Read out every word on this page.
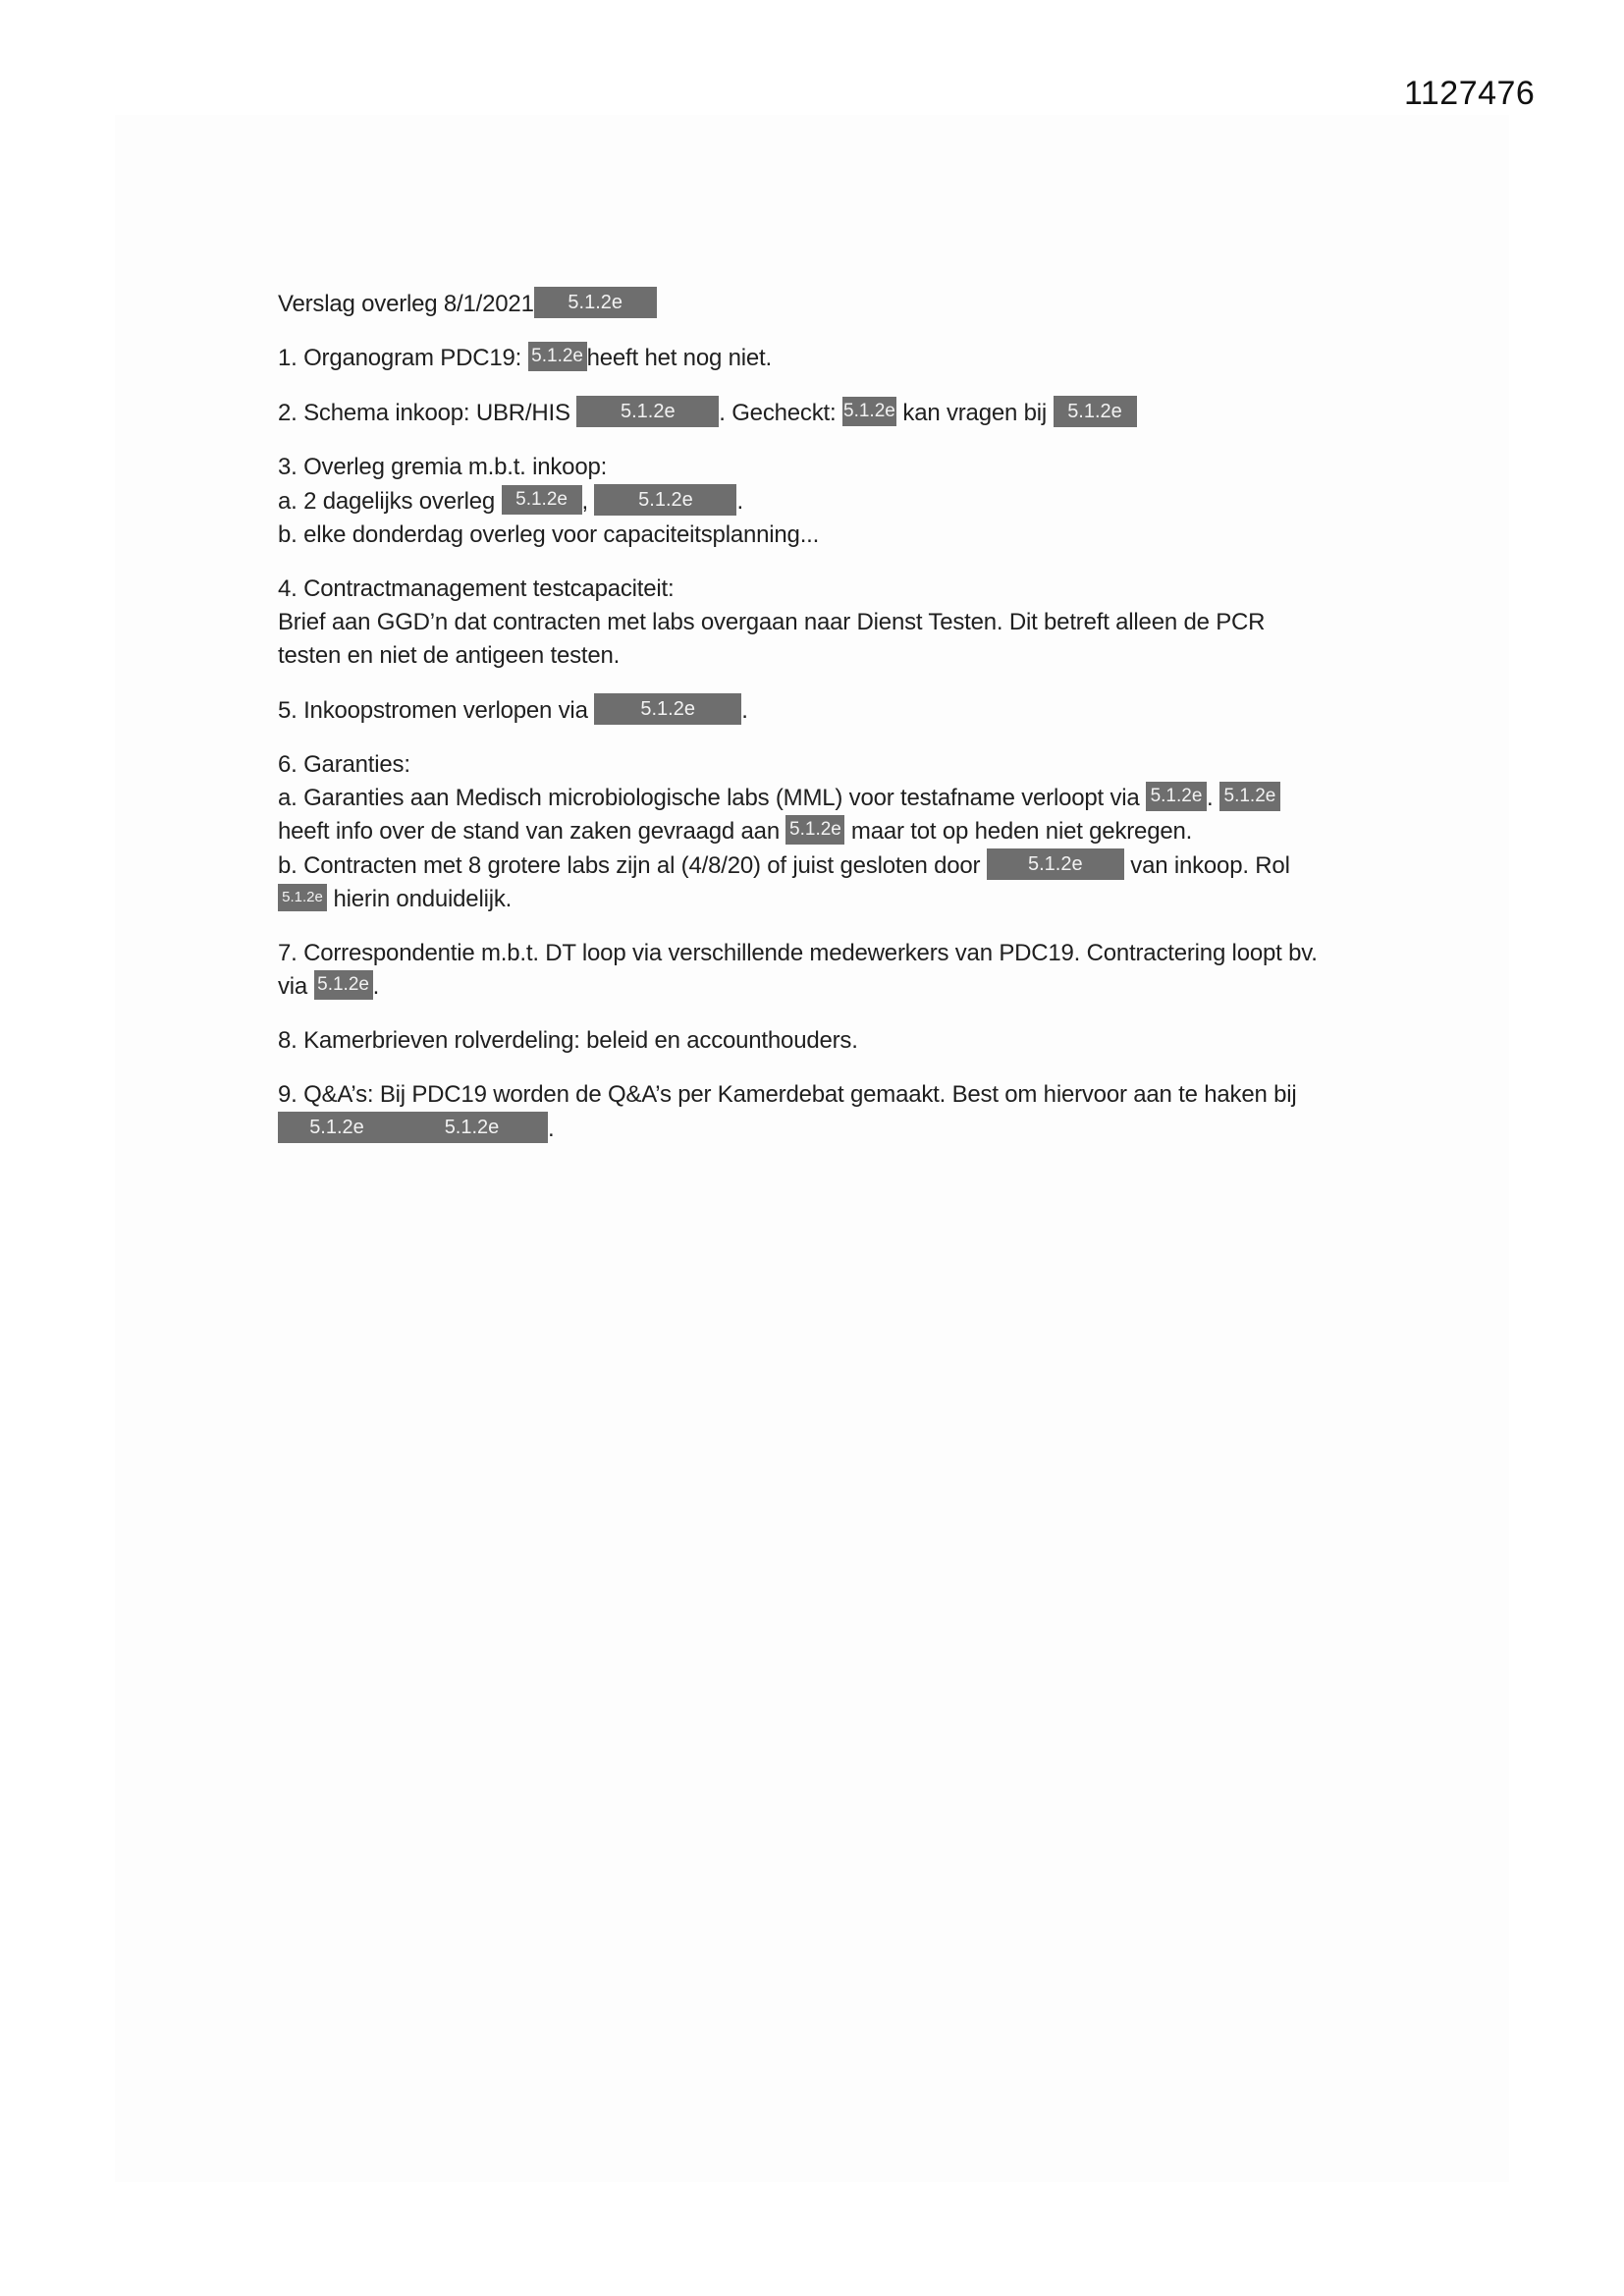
1127476
Verslag overleg 8/1/2021 5.1.2e
1. Organogram PDC19: 5.1.2e heeft het nog niet.
2. Schema inkoop: UBR/HIS 5.1.2e . Gecheckt: 5.1.2e kan vragen bij 5.1.2e
3. Overleg gremia m.b.t. inkoop:
a. 2 dagelijks overleg 5.1.2e , 5.1.2e .
b. elke donderdag overleg voor capaciteitsplanning...
4. Contractmanagement testcapaciteit:
Brief aan GGD’n dat contracten met labs overgaan naar Dienst Testen. Dit betreft alleen de PCR
testen en niet de antigeen testen.
5. Inkoopstromen verlopen via 5.1.2e .
6. Garanties:
a. Garanties aan Medisch microbiologische labs (MML) voor testafname verloopt via 5.1.2e . 5.1.2e
heeft info over de stand van zaken gevraagd aan 5.1.2e maar tot op heden niet gekregen.
b. Contracten met 8 grotere labs zijn al (4/8/20) of juist gesloten door 5.1.2e van inkoop. Rol
5.1.2e hierin onduidelijk.
7. Correspondentie m.b.t. DT loop via verschillende medewerkers van PDC19. Contractering loopt bv.
via 5.1.2e .
8. Kamerbrieven rolverdeling: beleid en accounthouders.
9. Q&A’s: Bij PDC19 worden de Q&A’s per Kamerdebat gemaakt. Best om hiervoor aan te haken bij
5.1.2e	5.1.2e .
